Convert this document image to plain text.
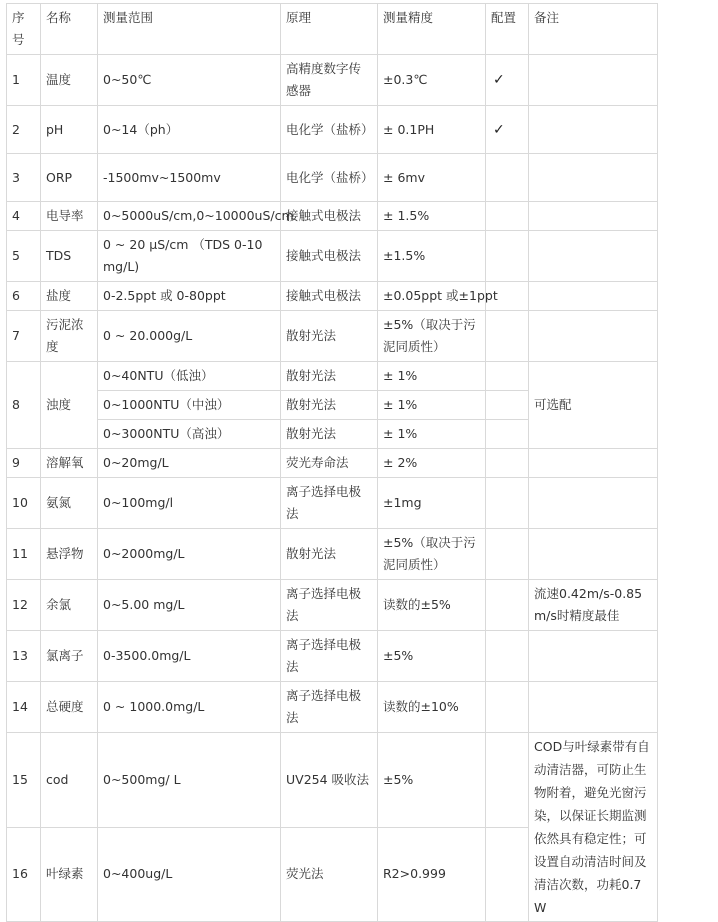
序号	名称	测量范围	原理	测量精度	配置	备注
1	温度	0~50℃	高精度数字传感器	±0.3℃	✓	
2	pH	0~14（ph）	电化学（盐桥）	± 0.1PH	✓	
3	ORP	-1500mv~1500mv	电化学（盐桥）	± 6mv		
4	电导率	0~5000uS/cm,0~10000uS/cm	接触式电极法	± 1.5%		
5	TDS	0 ~ 20 μS/cm （TDS 0-10 mg/L)	接触式电极法	±1.5%		
6	盐度	0-2.5ppt 或 0-80ppt	接触式电极法	±0.05ppt 或±1ppt		
7	污泥浓度	0 ~ 20.000g/L	散射光法	±5%（取决于污泥同质性）		
8	浊度	0~40NTU（低浊）	散射光法	± 1%		可选配
		0~1000NTU（中浊）	散射光法	± 1%		
		0~3000NTU（高浊）	散射光法	± 1%		
9	溶解氧	0~20mg/L	荧光寿命法	± 2%		
10	氨氮	0~100mg/l	离子选择电极法	±1mg		
11	悬浮物	0~2000mg/L	散射光法	±5%（取决于污泥同质性）		
12	余氯	0~5.00 mg/L	离子选择电极法	读数的±5%		流速0.42m/s-0.85m/s时精度最佳
13	氯离子	0-3500.0mg/L	离子选择电极法	±5%		
14	总硬度	0 ~ 1000.0mg/L	离子选择电极法	读数的±10%		
15	cod	0~500mg/ L	UV254 吸收法	±5%		COD与叶绿素带有自动清洁器，可防止生物附着，避免光窗污染，以保证长期监测依然具有稳定性；可设置自动清洁时间及清洁次数，功耗0.7W
16	叶绿素	0~400ug/L	荧光法	R2>0.999		
